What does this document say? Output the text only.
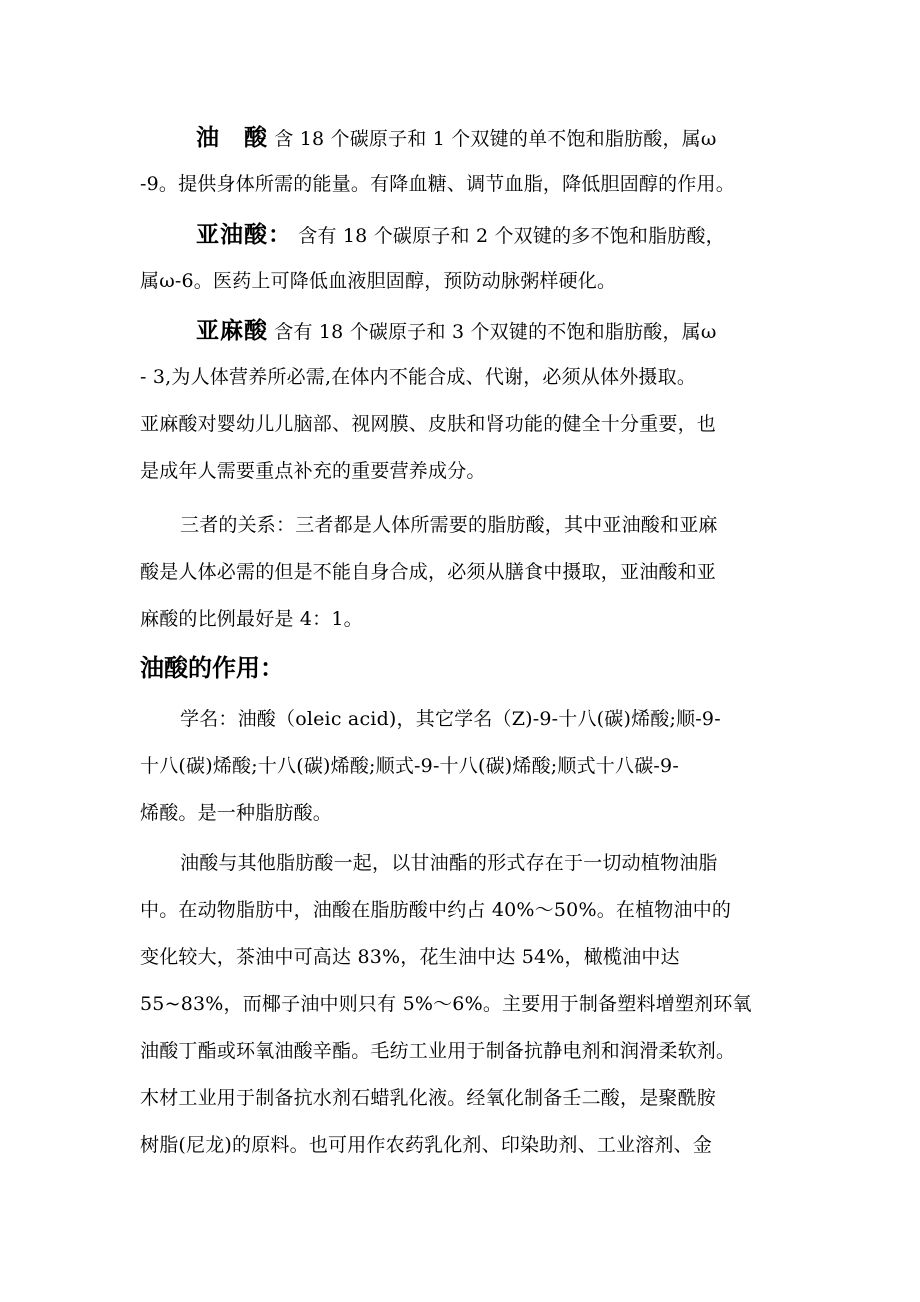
油　酸 含 18 个碳原子和 1 个双键的单不饱和脂肪酸，属ω
-9。提供身体所需的能量。有降血糖、调节血脂，降低胆固醇的作用。
亚油酸： 含有 18 个碳原子和 2 个双键的多不饱和脂肪酸，
属ω-6。医药上可降低血液胆固醇，预防动脉粥样硬化。
亚麻酸 含有 18 个碳原子和 3 个双键的不饱和脂肪酸，属ω
- 3,为人体营养所必需,在体内不能合成、代谢，必须从体外摄取。
亚麻酸对婴幼儿儿脑部、视网膜、皮肤和肾功能的健全十分重要，也
是成年人需要重点补充的重要营养成分。
三者的关系：三者都是人体所需要的脂肪酸，其中亚油酸和亚麻
酸是人体必需的但是不能自身合成，必须从膳食中摄取，亚油酸和亚
麻酸的比例最好是 4：1。
油酸的作用：
学名：油酸（oleic acid)，其它学名（Z)-9-十八(碳)烯酸;顺-9-
十八(碳)烯酸;十八(碳)烯酸;顺式-9-十八(碳)烯酸;顺式十八碳-9-
烯酸。是一种脂肪酸。
油酸与其他脂肪酸一起，以甘油酯的形式存在于一切动植物油脂
中。在动物脂肪中，油酸在脂肪酸中约占 40%～50%。在植物油中的
变化较大，茶油中可高达 83%，花生油中达 54%，橄榄油中达
55~83%，而椰子油中则只有 5%～6%。主要用于制备塑料增塑剂环氧
油酸丁酯或环氧油酸辛酯。毛纺工业用于制备抗静电剂和润滑柔软剂。
木材工业用于制备抗水剂石蜡乳化液。经氧化制备壬二酸，是聚酰胺
树脂(尼龙)的原料。也可用作农药乳化剂、印染助剂、工业溶剂、金
